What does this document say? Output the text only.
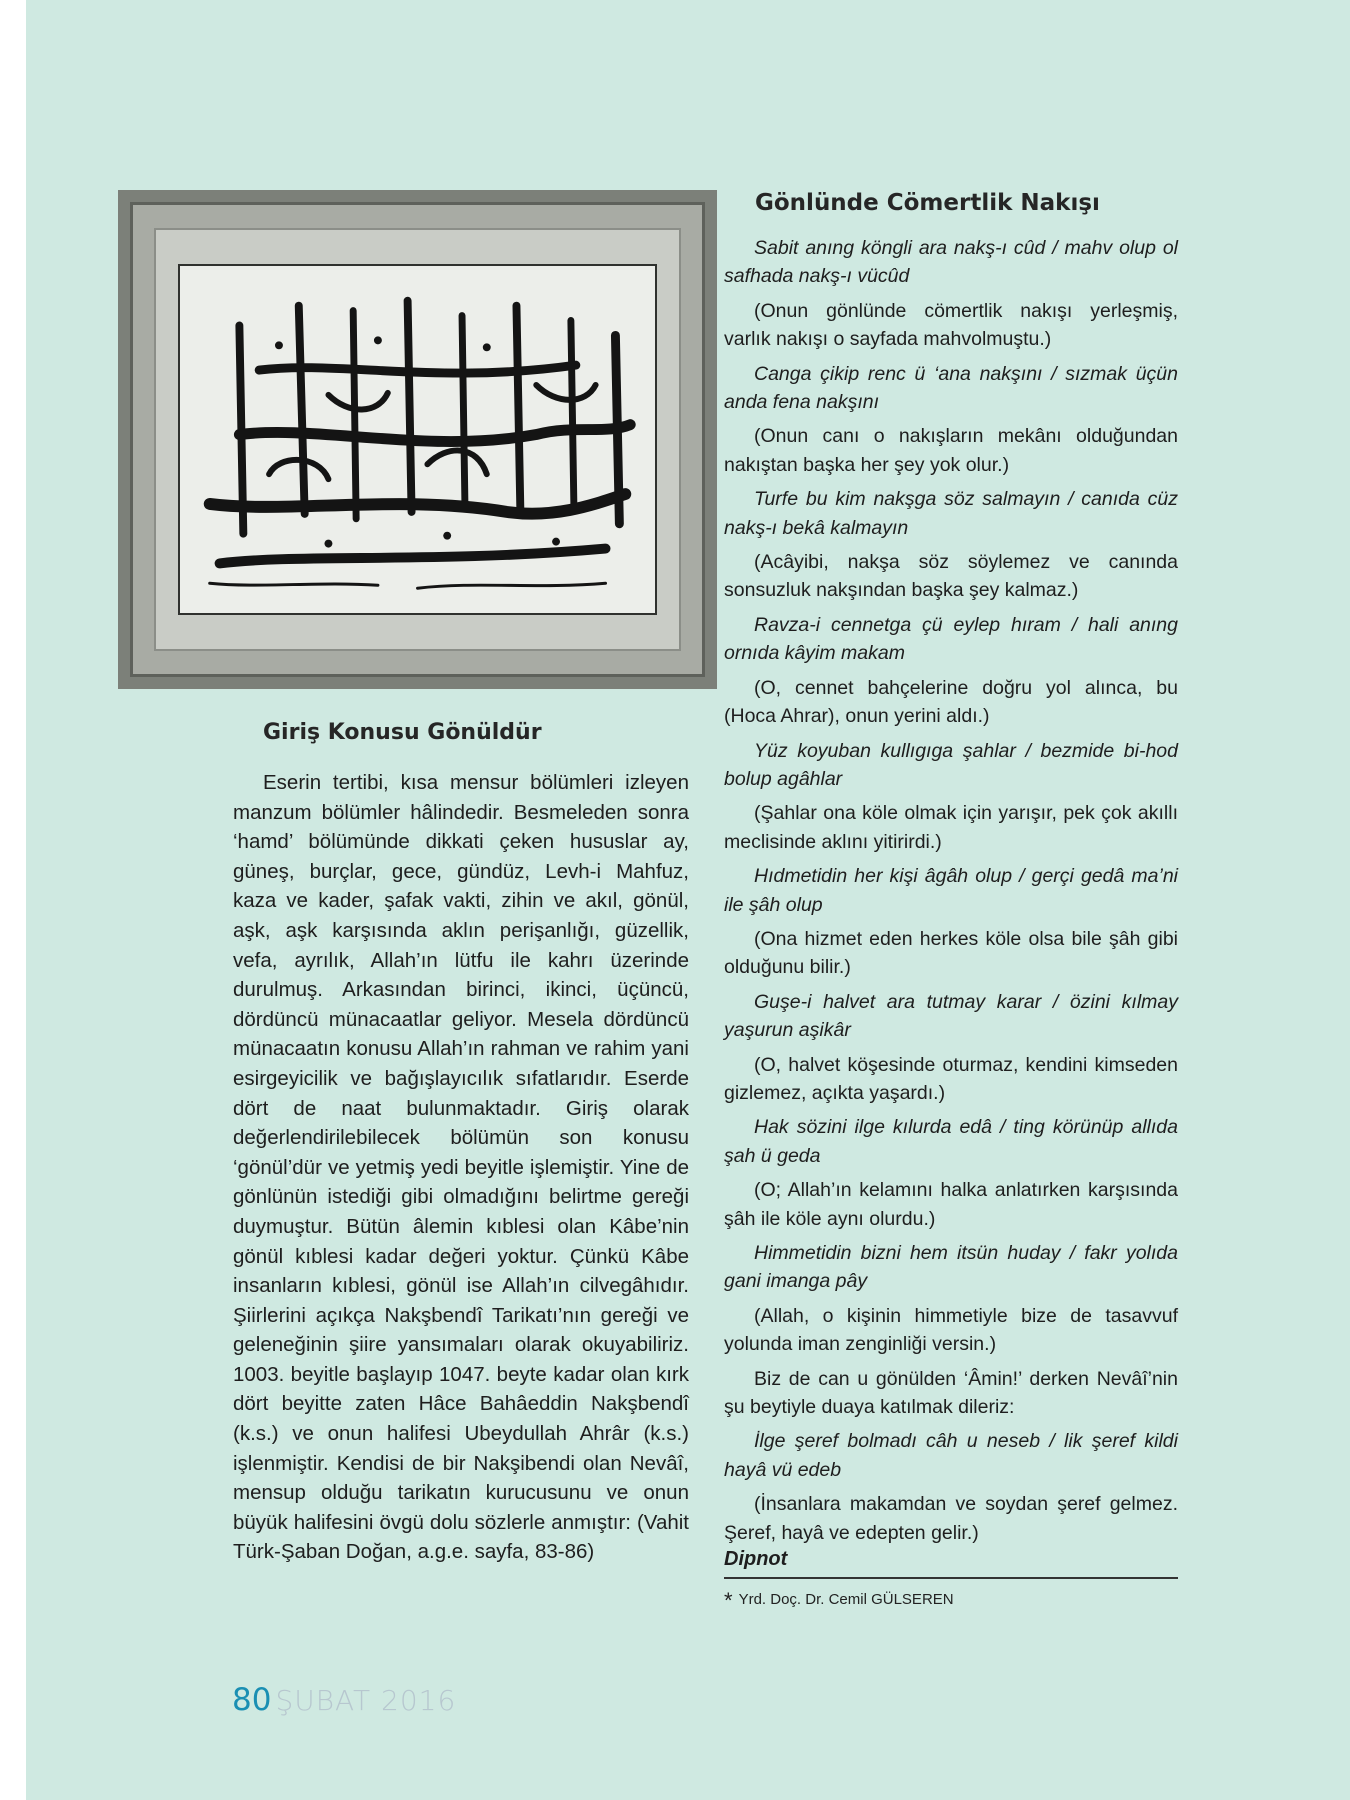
Giriş Konusu Gönüldür

Eserin tertibi, kısa mensur bölümleri izleyen manzum bölümler hâlindedir. Besmeleden sonra ‘hamd’ bölümünde dikkati çeken hususlar ay, güneş, burçlar, gece, gündüz, Levh-i Mahfuz, kaza ve kader, şafak vakti, zihin ve akıl, gönül, aşk, aşk karşısında aklın perişanlığı, güzellik, vefa, ayrılık, Allah’ın lütfu ile kahrı üzerinde durulmuş. Arkasından birinci, ikinci, üçüncü, dördüncü münacaatlar geliyor. Mesela dördüncü münacaatın konusu Allah’ın rahman ve rahim yani esirgeyicilik ve bağışlayıcılık sıfatlarıdır. Eserde dört de naat bulunmaktadır. Giriş olarak değerlendirilebilecek bölümün son konusu ‘gönül’dür ve yetmiş yedi beyitle işlemiştir. Yine de gönlünün istediği gibi olmadığını belirtme gereği duymuştur. Bütün âlemin kıblesi olan Kâbe’nin gönül kıblesi kadar değeri yoktur. Çünkü Kâbe insanların kıblesi, gönül ise Allah’ın cilvegâhıdır. Şiirlerini açıkça Nakşbendî Tarikatı’nın gereği ve geleneğinin şiire yansımaları olarak okuyabiliriz. 1003. beyitle başlayıp 1047. beyte kadar olan kırk dört beyitte zaten Hâce Bahâeddin Nakşbendî (k.s.) ve onun halifesi Ubeydullah Ahrâr (k.s.) işlenmiştir. Kendisi de bir Nakşibendi olan Nevâî, mensup olduğu tarikatın kurucusunu ve onun büyük halifesini övgü dolu sözlerle anmıştır: (Vahit Türk-Şaban Doğan, a.g.e. sayfa, 83-86)

Gönlünde Cömertlik Nakışı

Sabit anıng köngli ara nakş-ı cûd / mahv olup ol safhada nakş-ı vücûd

(Onun gönlünde cömertlik nakışı yerleşmiş, varlık nakışı o sayfada mahvolmuştu.)

Canga çikip renc ü ‘ana nakşını / sızmak üçün anda fena nakşını

(Onun canı o nakışların mekânı olduğundan nakıştan başka her şey yok olur.)

Turfe bu kim nakşga söz salmayın / canıda cüz nakş-ı bekâ kalmayın

(Acâyibi, nakşa söz söylemez ve canında sonsuzluk nakşından başka şey kalmaz.)

Ravza-i cennetga çü eylep hıram / hali anıng ornıda kâyim makam

(O, cennet bahçelerine doğru yol alınca, bu (Hoca Ahrar), onun yerini aldı.)

Yüz koyuban kullıgıga şahlar / bezmide bi-hod bolup agâhlar

(Şahlar ona köle olmak için yarışır, pek çok akıllı meclisinde aklını yitirirdi.)

Hıdmetidin her kişi âgâh olup / gerçi gedâ ma’ni ile şâh olup

(Ona hizmet eden herkes köle olsa bile şâh gibi olduğunu bilir.)

Guşe-i halvet ara tutmay karar / özini kılmay yaşurun aşikâr

(O, halvet köşesinde oturmaz, kendini kimseden gizlemez, açıkta yaşardı.)

Hak sözini ilge kılurda edâ / ting körünüp allıda şah ü geda

(O; Allah’ın kelamını halka anlatırken karşısında şâh ile köle aynı olurdu.)

Himmetidin bizni hem itsün huday / fakr yolıda gani imanga pây

(Allah, o kişinin himmetiyle bize de tasavvuf yolunda iman zenginliği versin.)

Biz de can u gönülden ‘Âmin!’ derken Nevâî’nin şu beytiyle duaya katılmak dileriz:

İlge şeref bolmadı câh u neseb / lik şeref kildi hayâ vü edeb

(İnsanlara makamdan ve soydan şeref gelmez. Şeref, hayâ ve edepten gelir.)

Dipnot
* Yrd. Doç. Dr. Cemil GÜLSEREN
80 ŞUBAT 2016
